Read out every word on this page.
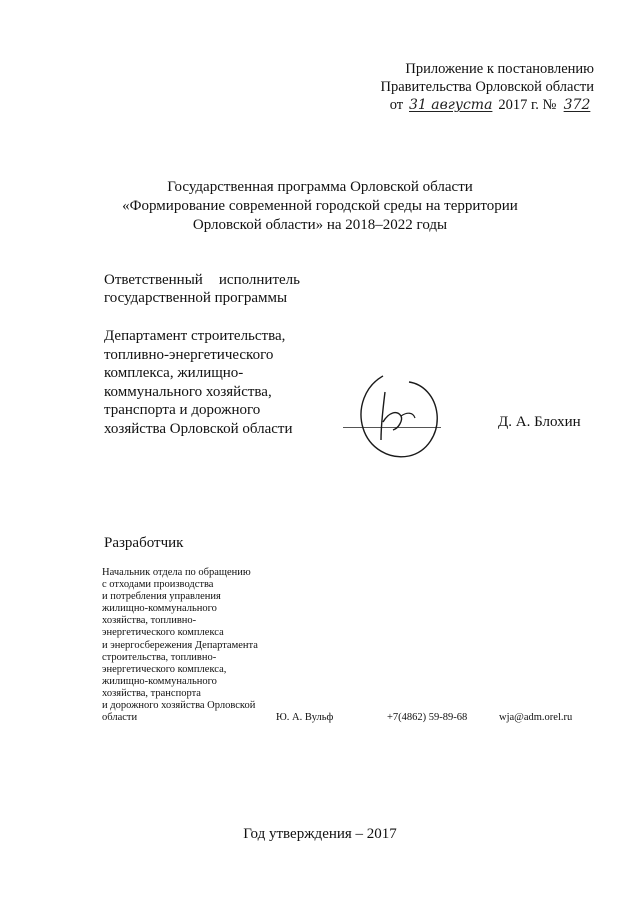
Приложение к постановлению
Правительства Орловской области
от 31 августа 2017 г. № 372
Государственная программа Орловской области
«Формирование современной городской среды на территории
Орловской области» на 2018–2022 годы
Ответственный исполнитель
государственной программы
Департамент строительства,
топливно-энергетического
комплекса, жилищно-
коммунального хозяйства,
транспорта и дорожного
хозяйства Орловской области	Д. А. Блохин
Разработчик
Начальник отдела по обращению
с отходами производства
и потребления управления
жилищно-коммунального
хозяйства, топливно-
энергетического комплекса
и энергосбережения Департамента
строительства, топливно-
энергетического комплекса,
жилищно-коммунального
хозяйства, транспорта
и дорожного хозяйства Орловской
области	Ю. А. Вульф	+7(4862) 59-89-68	wja@adm.orel.ru
Год утверждения – 2017
